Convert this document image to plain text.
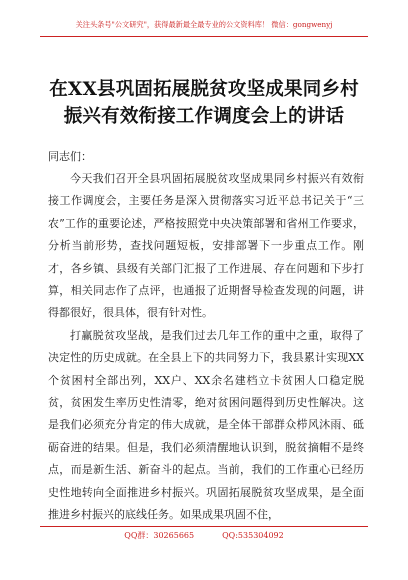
关注头条号"公文研究"，获得最新最全最专业的公文资料库！ 微信：gongwenyj
在XX县巩固拓展脱贫攻坚成果同乡村振兴有效衔接工作调度会上的讲话
同志们：

今天我们召开全县巩固拓展脱贫攻坚成果同乡村振兴有效衔接工作调度会，主要任务是深入贯彻落实习近平总书记关于“三农”工作的重要论述，严格按照党中央决策部署和省州工作要求，分析当前形势，查找问题短板，安排部署下一步重点工作。刚才，各乡镇、县级有关部门汇报了工作进展、存在问题和下步打算，相关同志作了点评，也通报了近期督导检查发现的问题，讲得都很好，很具体，很有针对性。

打赢脱贫攻坚战，是我们过去几年工作的重中之重，取得了决定性的历史成就。在全县上下的共同努力下，我县累计实现XX个贫困村全部出列，XX户、XX余名建档立卡贫困人口稳定脱贫，贫困发生率历史性清零，绝对贫困问题得到历史性解决。这是我们必须充分肯定的伟大成就，是全体干部群众栉风沐雨、砥砺奋进的结果。但是，我们必须清醒地认识到，脱贫摘帽不是终点，而是新生活、新奋斗的起点。当前，我们的工作重心已经历史性地转向全面推进乡村振兴。巩固拓展脱贫攻坚成果，是全面推进乡村振兴的底线任务。如果成果巩固不住，

QQ群：30265665	QQ:535304092
